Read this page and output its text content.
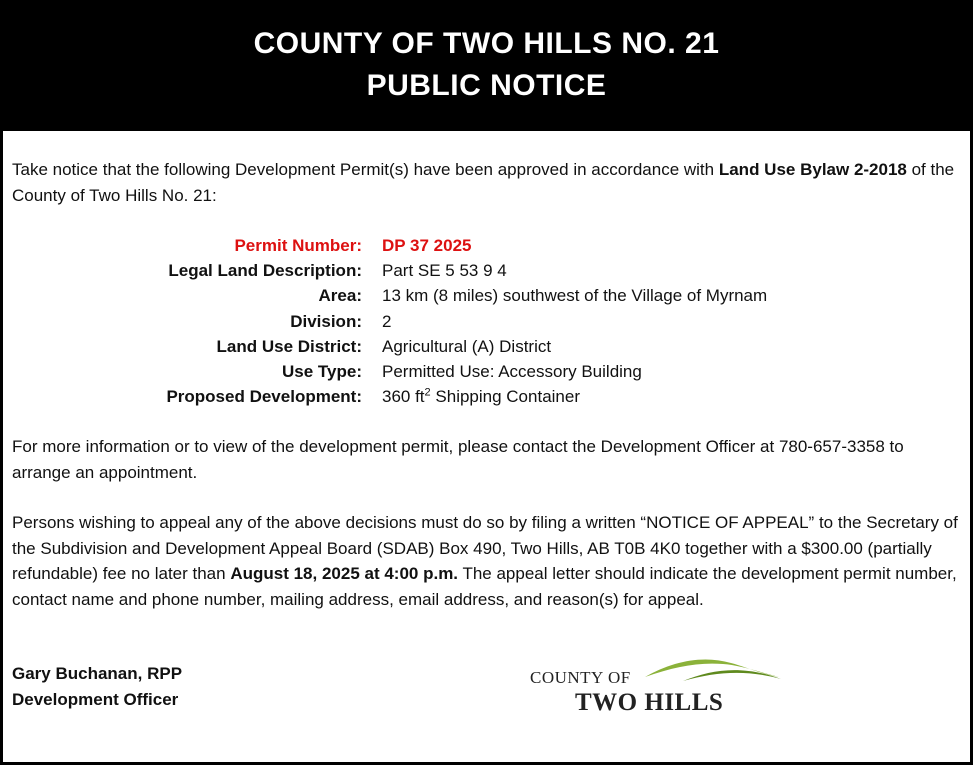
COUNTY OF TWO HILLS NO. 21
PUBLIC NOTICE
Take notice that the following Development Permit(s) have been approved in accordance with Land Use Bylaw 2-2018 of the County of Two Hills No. 21:
Permit Number: DP 37 2025
Legal Land Description: Part SE 5 53 9 4
Area: 13 km (8 miles) southwest of the Village of Myrnam
Division: 2
Land Use District: Agricultural (A) District
Use Type: Permitted Use: Accessory Building
Proposed Development: 360 $ft^2$ Shipping Container
For more information or to view of the development permit, please contact the Development Officer at 780-657-3358 to arrange an appointment.
Persons wishing to appeal any of the above decisions must do so by filing a written “NOTICE OF APPEAL” to the Secretary of the Subdivision and Development Appeal Board (SDAB) Box 490, Two Hills, AB T0B 4K0 together with a $300.00 (partially refundable) fee no later than August 18, 2025 at 4:00 p.m. The appeal letter should indicate the development permit number, contact name and phone number, mailing address, email address, and reason(s) for appeal.
Gary Buchanan, RPP
Development Officer
COUNTY OF
TWO HILLS
